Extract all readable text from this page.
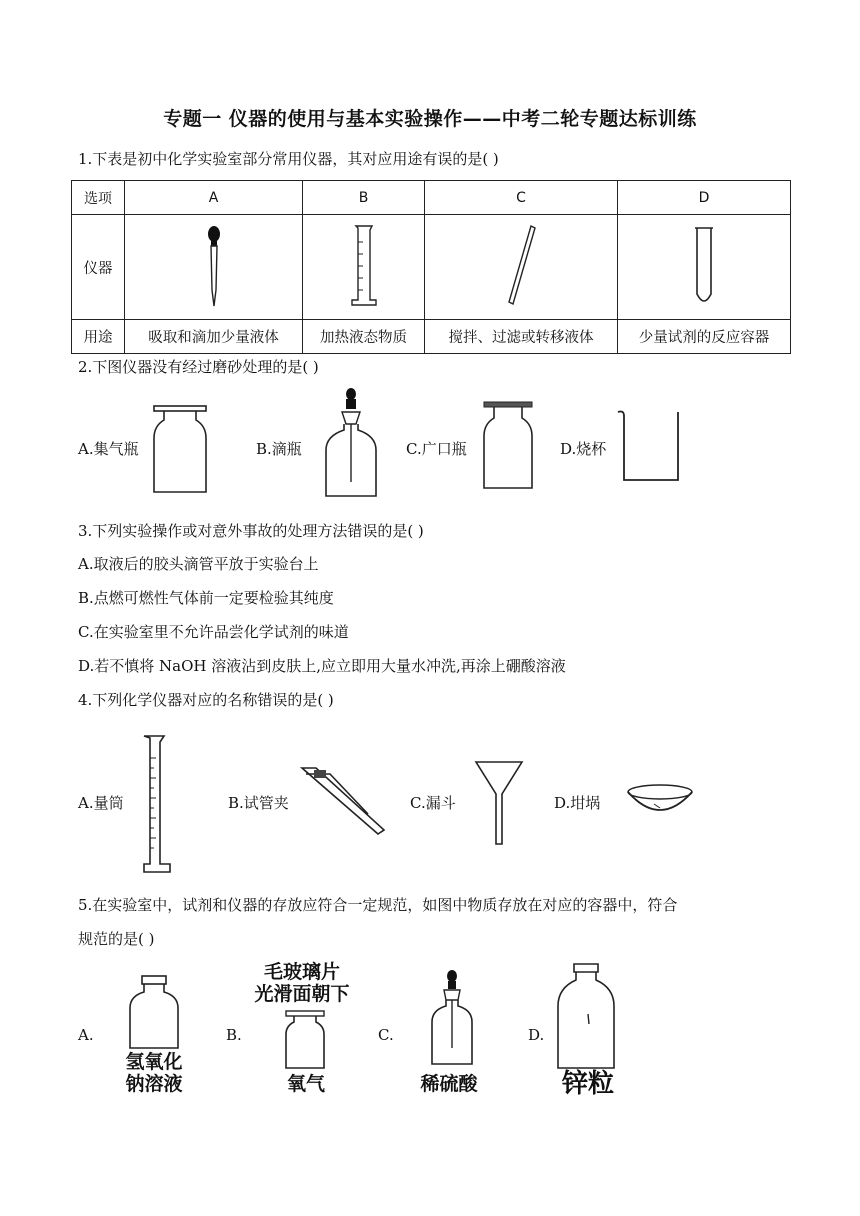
专题一 仪器的使用与基本实验操作——中考二轮专题达标训练
1.下表是初中化学实验室部分常用仪器，其对应用途有误的是( )
选项	A	B	C	D
仪器				
用途	吸取和滴加少量液体	加热液态物质	搅拌、过滤或转移液体	少量试剂的反应容器
2.下图仪器没有经过磨砂处理的是( )
A.集气瓶	B.滴瓶	C.广口瓶	D.烧杯
3.下列实验操作或对意外事故的处理方法错误的是( )
A.取液后的胶头滴管平放于实验台上
B.点燃可燃性气体前一定要检验其纯度
C.在实验室里不允许品尝化学试剂的味道
D.若不慎将 NaOH 溶液沾到皮肤上,应立即用大量水冲洗,再涂上硼酸溶液
4.下列化学仪器对应的名称错误的是( )
A.量筒	B.试管夹	C.漏斗	D.坩埚
5.在实验室中，试剂和仪器的存放应符合一定规范，如图中物质存放在对应的容器中，符合
规范的是( )
A.
氢氧化
钠溶液
B.
毛玻璃片
光滑面朝下
氧气
C.
稀硫酸
D.
锌粒
